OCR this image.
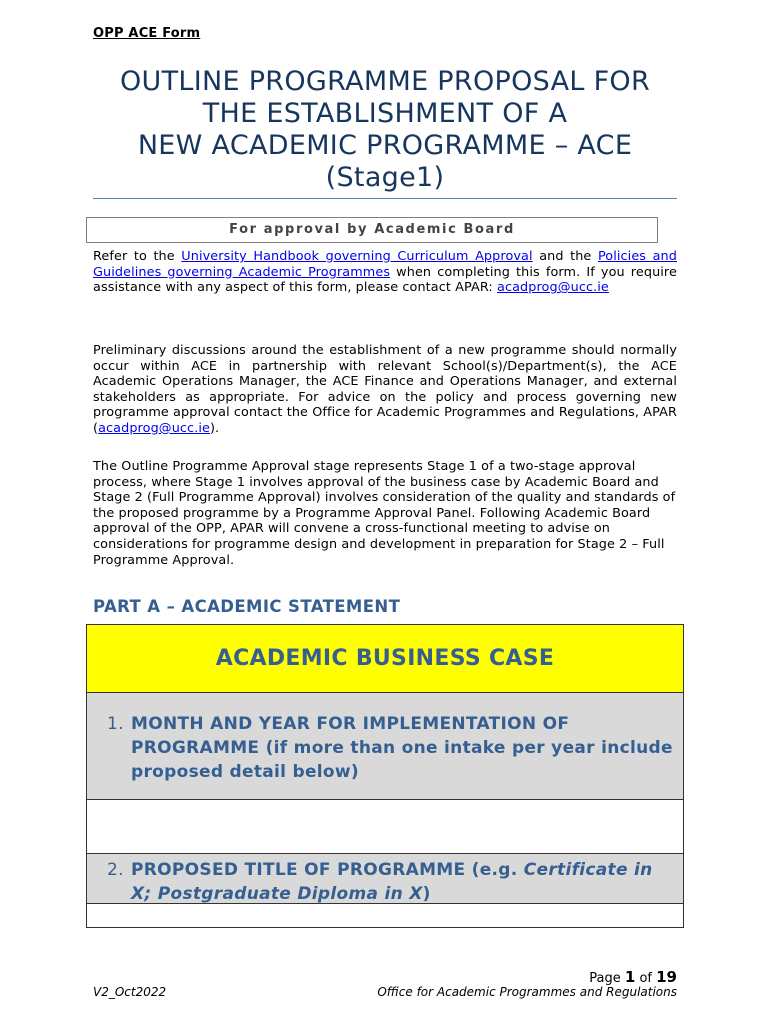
OPP ACE Form
OUTLINE PROGRAMME PROPOSAL FOR
THE ESTABLISHMENT OF A
NEW ACADEMIC PROGRAMME – ACE
(Stage1)
For approval by Academic Board
Refer to the University Handbook governing Curriculum Approval and the Policies and Guidelines governing Academic Programmes when completing this form. If you require assistance with any aspect of this form, please contact APAR: acadprog@ucc.ie
Preliminary discussions around the establishment of a new programme should normally occur within ACE in partnership with relevant School(s)/Department(s), the ACE Academic Operations Manager, the ACE Finance and Operations Manager, and external stakeholders as appropriate. For advice on the policy and process governing new programme approval contact the Office for Academic Programmes and Regulations, APAR (acadprog@ucc.ie).
The Outline Programme Approval stage represents Stage 1 of a two-stage approval process, where Stage 1 involves approval of the business case by Academic Board and Stage 2 (Full Programme Approval) involves consideration of the quality and standards of the proposed programme by a Programme Approval Panel. Following Academic Board approval of the OPP, APAR will convene a cross-functional meeting to advise on considerations for programme design and development in preparation for Stage 2 – Full Programme Approval.
PART A – ACADEMIC STATEMENT
ACADEMIC BUSINESS CASE
1. MONTH AND YEAR FOR IMPLEMENTATION OF PROGRAMME (if more than one intake per year include proposed detail below)
2. PROPOSED TITLE OF PROGRAMME (e.g. Certificate in X; Postgraduate Diploma in X)
Page 1 of 19
V2_Oct2022	Office for Academic Programmes and Regulations
